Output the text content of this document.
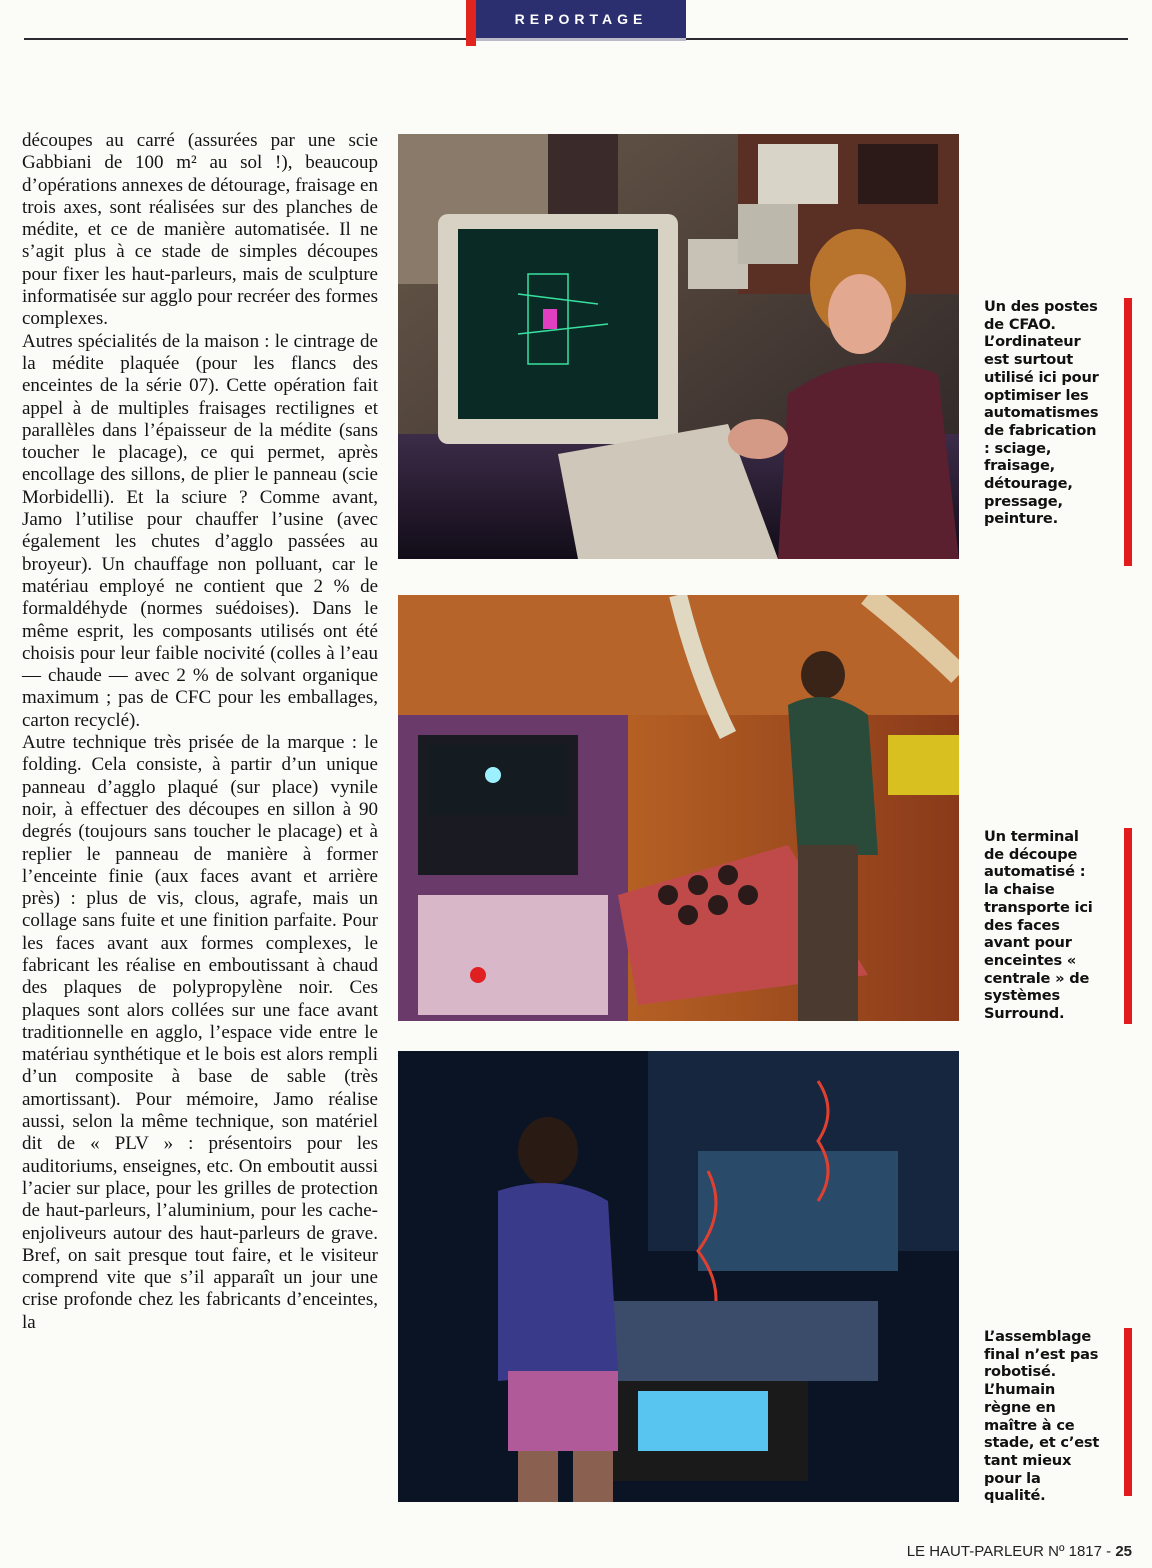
REPORTAGE

découpes au carré (assurées par une scie Gabbiani de 100 m² au sol !), beaucoup d’opérations annexes de détourage, fraisage en trois axes, sont réalisées sur des planches de médite, et ce de manière automatisée. Il ne s’agit plus à ce stade de simples découpes pour fixer les haut-parleurs, mais de sculpture informatisée sur agglo pour recréer des formes complexes.

Autres spécialités de la maison : le cintrage de la médite plaquée (pour les flancs des enceintes de la série 07). Cette opération fait appel à de multiples fraisages rectilignes et parallèles dans l’épaisseur de la médite (sans toucher le placage), ce qui permet, après encollage des sillons, de plier le panneau (scie Morbidelli). Et la sciure ? Comme avant, Jamo l’utilise pour chauffer l’usine (avec également les chutes d’agglo passées au broyeur). Un chauffage non polluant, car le matériau employé ne contient que 2 % de formaldéhyde (normes suédoises). Dans le même esprit, les composants utilisés ont été choisis pour leur faible nocivité (colles à l’eau — chaude — avec 2 % de solvant organique maximum ; pas de CFC pour les emballages, carton recyclé).

Autre technique très prisée de la marque : le folding. Cela consiste, à partir d’un unique panneau d’agglo plaqué (sur place) vynile noir, à effectuer des découpes en sillon à 90 degrés (toujours sans toucher le placage) et à replier le panneau de manière à former l’enceinte finie (aux faces avant et arrière près) : plus de vis, clous, agrafe, mais un collage sans fuite et une finition parfaite. Pour les faces avant aux formes complexes, le fabricant les réalise en emboutissant à chaud des plaques de polypropylène noir. Ces plaques sont alors collées sur une face avant traditionnelle en agglo, l’espace vide entre le matériau synthétique et le bois est alors rempli d’un composite à base de sable (très amortissant). Pour mémoire, Jamo réalise aussi, selon la même technique, son matériel dit de « PLV » : présentoirs pour les auditoriums, enseignes, etc. On emboutit aussi l’acier sur place, pour les grilles de protection de haut-parleurs, l’aluminium, pour les cache-enjoliveurs autour des haut-parleurs de grave. Bref, on sait presque tout faire, et le visiteur comprend vite que s’il apparaît un jour une crise profonde chez les fabricants d’enceintes, la

Un des postes de CFAO. L’ordinateur est surtout utilisé ici pour optimiser les automatismes de fabrication : sciage, fraisage, détourage, pressage, peinture.
Un terminal de découpe automatisé : la chaise transporte ici des faces avant pour enceintes « centrale » de systèmes Surround.
L’assemblage final n’est pas robotisé. L’humain règne en maître à ce stade, et c’est tant mieux pour la qualité.
LE HAUT-PARLEUR Nº 1817 - 25
